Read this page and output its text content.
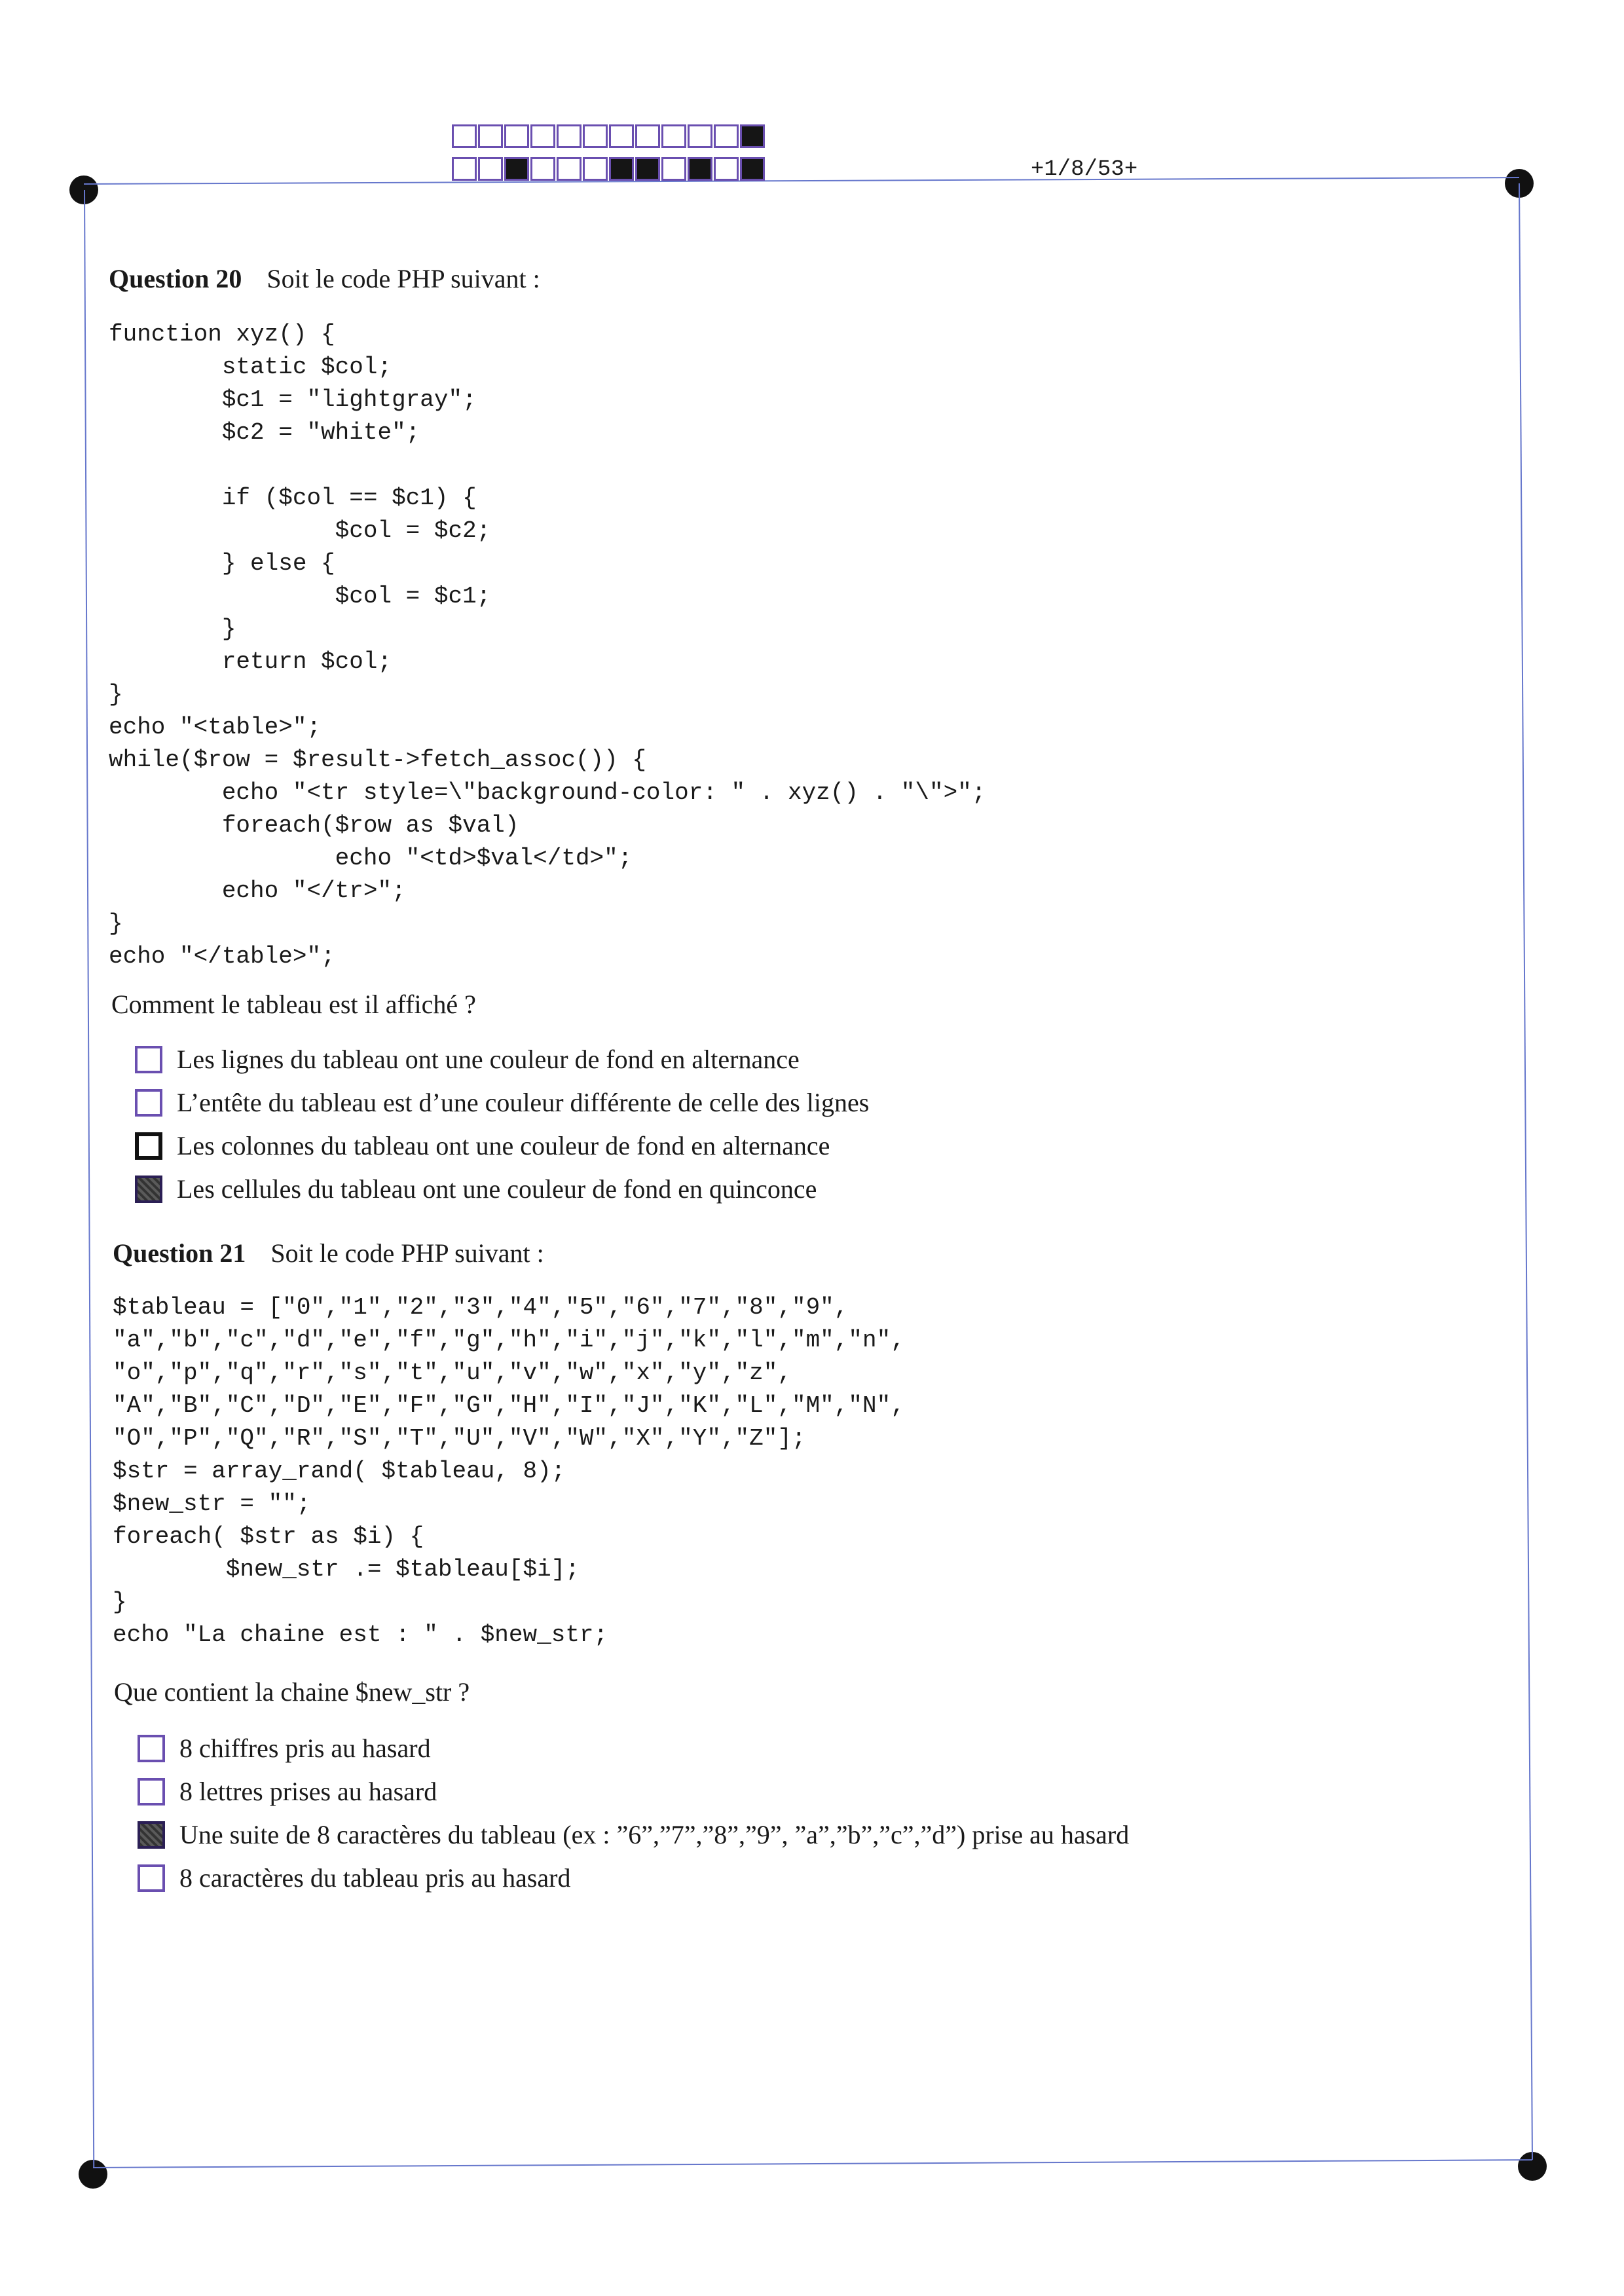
+1/8/53+
Question 20 Soit le code PHP suivant :
function xyz() {
static $col;
$c1 = "lightgray";
$c2 = "white";

if ($col == $c1) {
$col = $c2;
} else {
$col = $c1;
}
return $col;
}
echo "<table>";
while($row = $result->fetch_assoc()) {
echo "<tr style=\"background-color: " . xyz() . "\">";
foreach($row as $val)
echo "<td>$val</td>";
echo "</tr>";
}
echo "</table>";
Comment le tableau est il affiché ?
Les lignes du tableau ont une couleur de fond en alternance
L’entête du tableau est d’une couleur différente de celle des lignes
Les colonnes du tableau ont une couleur de fond en alternance
Les cellules du tableau ont une couleur de fond en quinconce
Question 21 Soit le code PHP suivant :
$tableau = ["0","1","2","3","4","5","6","7","8","9",
"a","b","c","d","e","f","g","h","i","j","k","l","m","n",
"o","p","q","r","s","t","u","v","w","x","y","z",
"A","B","C","D","E","F","G","H","I","J","K","L","M","N",
"O","P","Q","R","S","T","U","V","W","X","Y","Z"];
$str = array_rand( $tableau, 8);
$new_str = "";
foreach( $str as $i) {
$new_str .= $tableau[$i];
}
echo "La chaine est : " . $new_str;
Que contient la chaine $new_str ?
8 chiffres pris au hasard
8 lettres prises au hasard
Une suite de 8 caractères du tableau (ex : ”6”,”7”,”8”,”9”, ”a”,”b”,”c”,”d”) prise au hasard
8 caractères du tableau pris au hasard
